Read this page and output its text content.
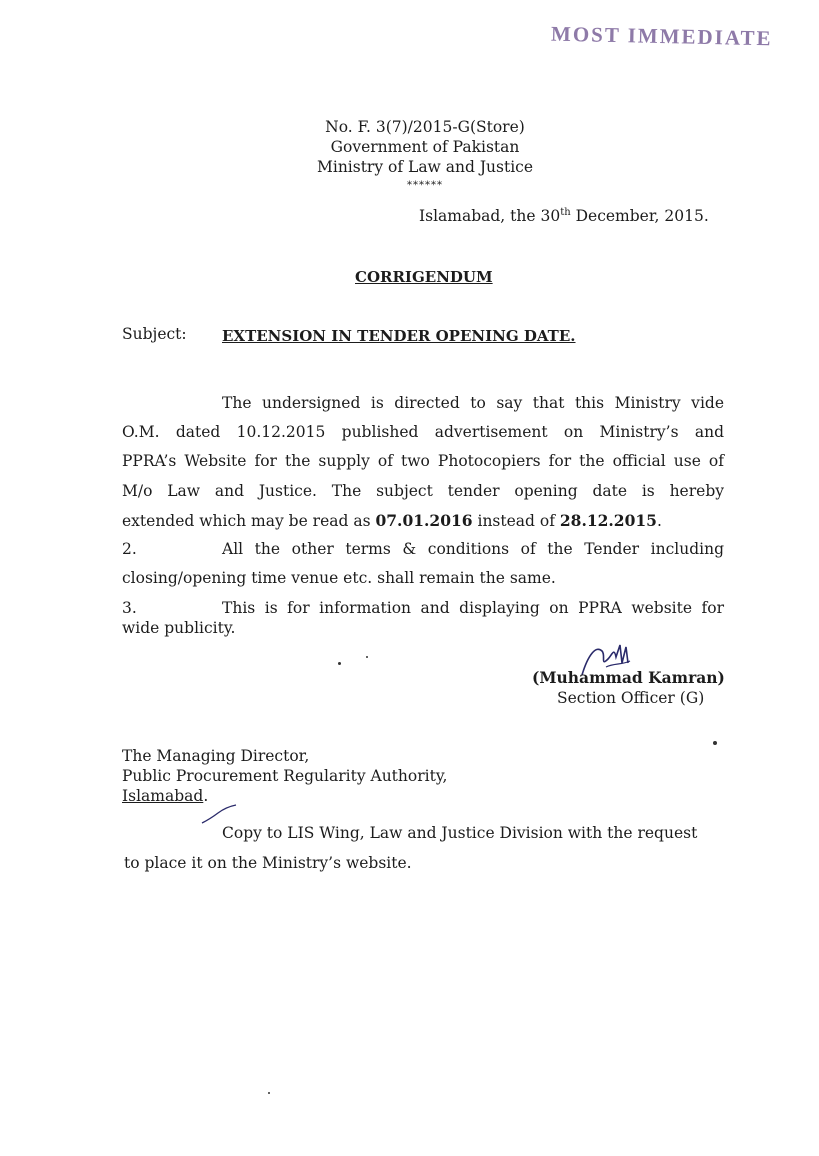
MOST IMMEDIATE
No. F. 3(7)/2015-G(Store)
Government of Pakistan
Ministry of Law and Justice
******
Islamabad, the 30th December, 2015.
CORRIGENDUM
Subject: EXTENSION IN TENDER OPENING DATE.
The undersigned is directed to say that this Ministry vide
O.M. dated 10.12.2015 published advertisement on Ministry’s and
PPRA’s Website for the supply of two Photocopiers for the official use of
M/o Law and Justice. The subject tender opening date is hereby
extended which may be read as 07.01.2016 instead of 28.12.2015.
2.	All the other terms & conditions of the Tender including
closing/opening time venue etc. shall remain the same.
3.	This is for information and displaying on PPRA website for
wide publicity.
(Muhammad Kamran)
Section Officer (G)
The Managing Director,
Public Procurement Regularity Authority,
Islamabad.
Copy to LIS Wing, Law and Justice Division with the request
to place it on the Ministry’s website.
